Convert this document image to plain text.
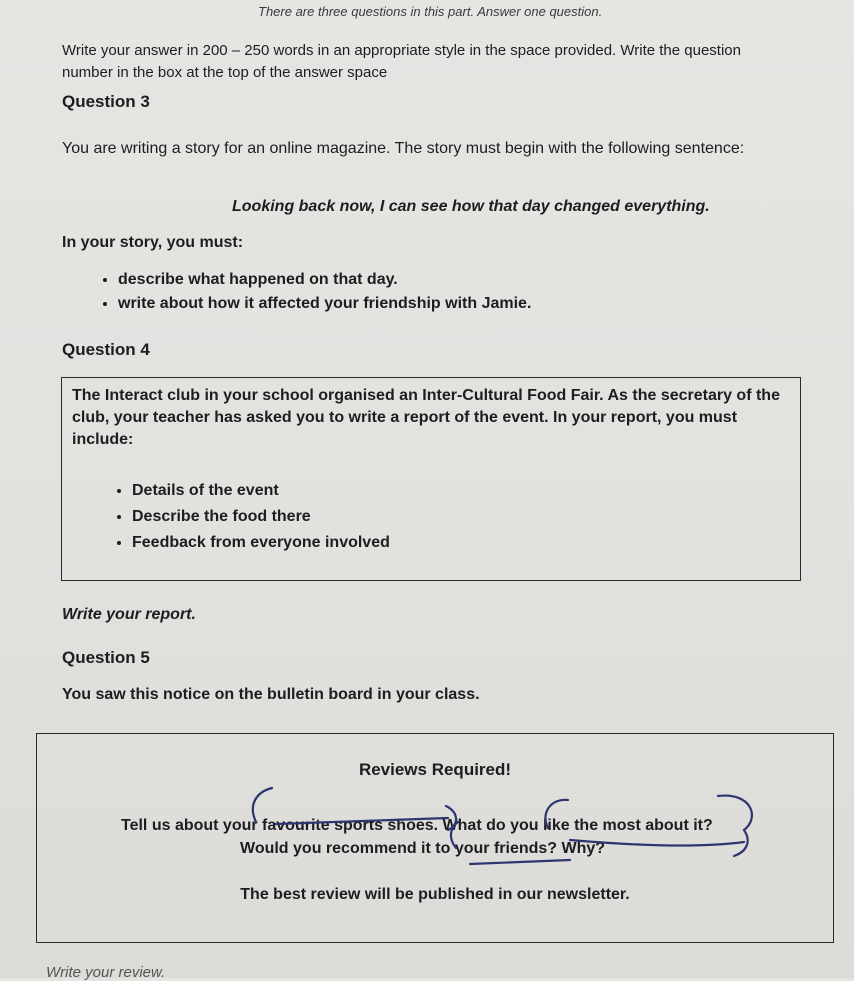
There are three questions in this part. Answer one question.
Write your answer in 200 – 250 words in an appropriate style in the space provided. Write the question number in the box at the top of the answer space
Question 3
You are writing a story for an online magazine. The story must begin with the following sentence:
Looking back now, I can see how that day changed everything.
In your story, you must:
• describe what happened on that day.
• write about how it affected your friendship with Jamie.
Question 4
The Interact club in your school organised an Inter-Cultural Food Fair. As the secretary of the club, your teacher has asked you to write a report of the event. In your report, you must include:
• Details of the event
• Describe the food there
• Feedback from everyone involved
Write your report.
Question 5
You saw this notice on the bulletin board in your class.
Reviews Required!
Tell us about your favourite sports shoes. What do you like the most about it?
Would you recommend it to your friends? Why?
The best review will be published in our newsletter.
Write your review.
